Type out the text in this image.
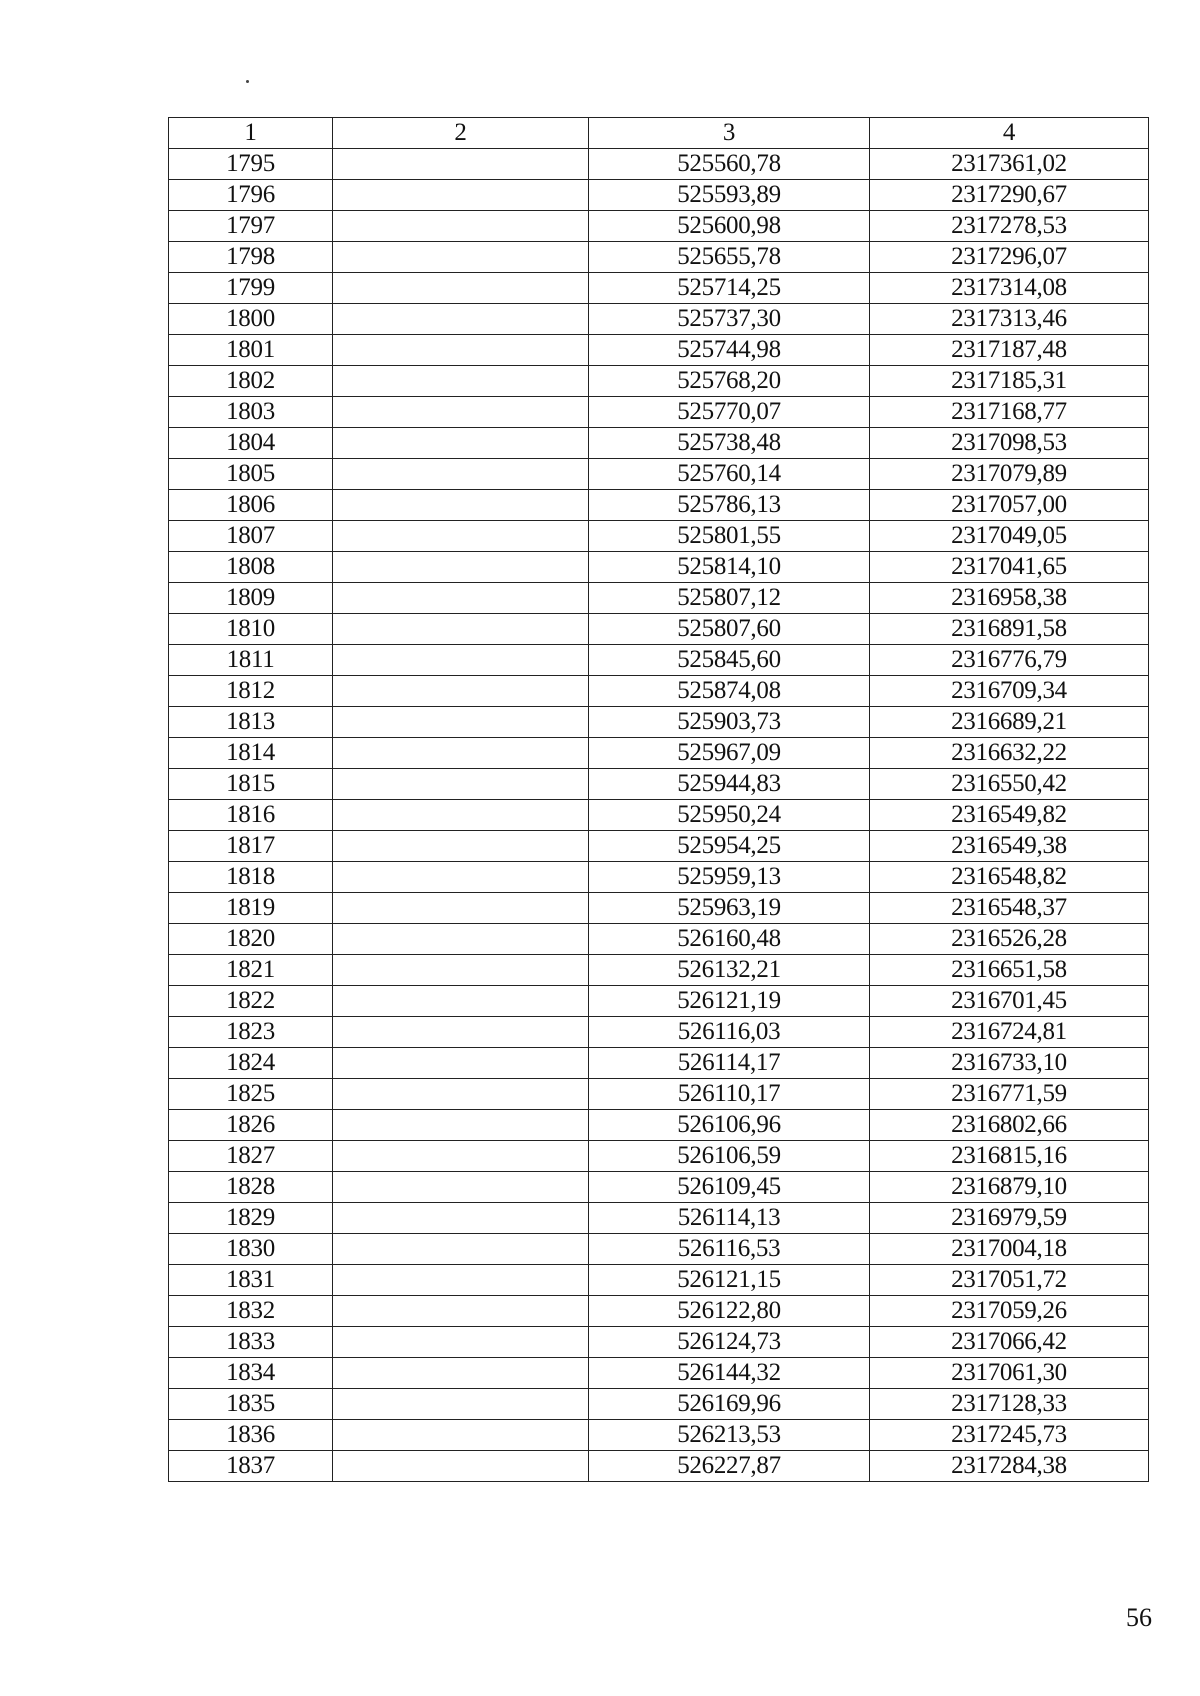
1	2	3	4
1795		525560,78	2317361,02
1796		525593,89	2317290,67
1797		525600,98	2317278,53
1798		525655,78	2317296,07
1799		525714,25	2317314,08
1800		525737,30	2317313,46
1801		525744,98	2317187,48
1802		525768,20	2317185,31
1803		525770,07	2317168,77
1804		525738,48	2317098,53
1805		525760,14	2317079,89
1806		525786,13	2317057,00
1807		525801,55	2317049,05
1808		525814,10	2317041,65
1809		525807,12	2316958,38
1810		525807,60	2316891,58
1811		525845,60	2316776,79
1812		525874,08	2316709,34
1813		525903,73	2316689,21
1814		525967,09	2316632,22
1815		525944,83	2316550,42
1816		525950,24	2316549,82
1817		525954,25	2316549,38
1818		525959,13	2316548,82
1819		525963,19	2316548,37
1820		526160,48	2316526,28
1821		526132,21	2316651,58
1822		526121,19	2316701,45
1823		526116,03	2316724,81
1824		526114,17	2316733,10
1825		526110,17	2316771,59
1826		526106,96	2316802,66
1827		526106,59	2316815,16
1828		526109,45	2316879,10
1829		526114,13	2316979,59
1830		526116,53	2317004,18
1831		526121,15	2317051,72
1832		526122,80	2317059,26
1833		526124,73	2317066,42
1834		526144,32	2317061,30
1835		526169,96	2317128,33
1836		526213,53	2317245,73
1837		526227,87	2317284,38
56
